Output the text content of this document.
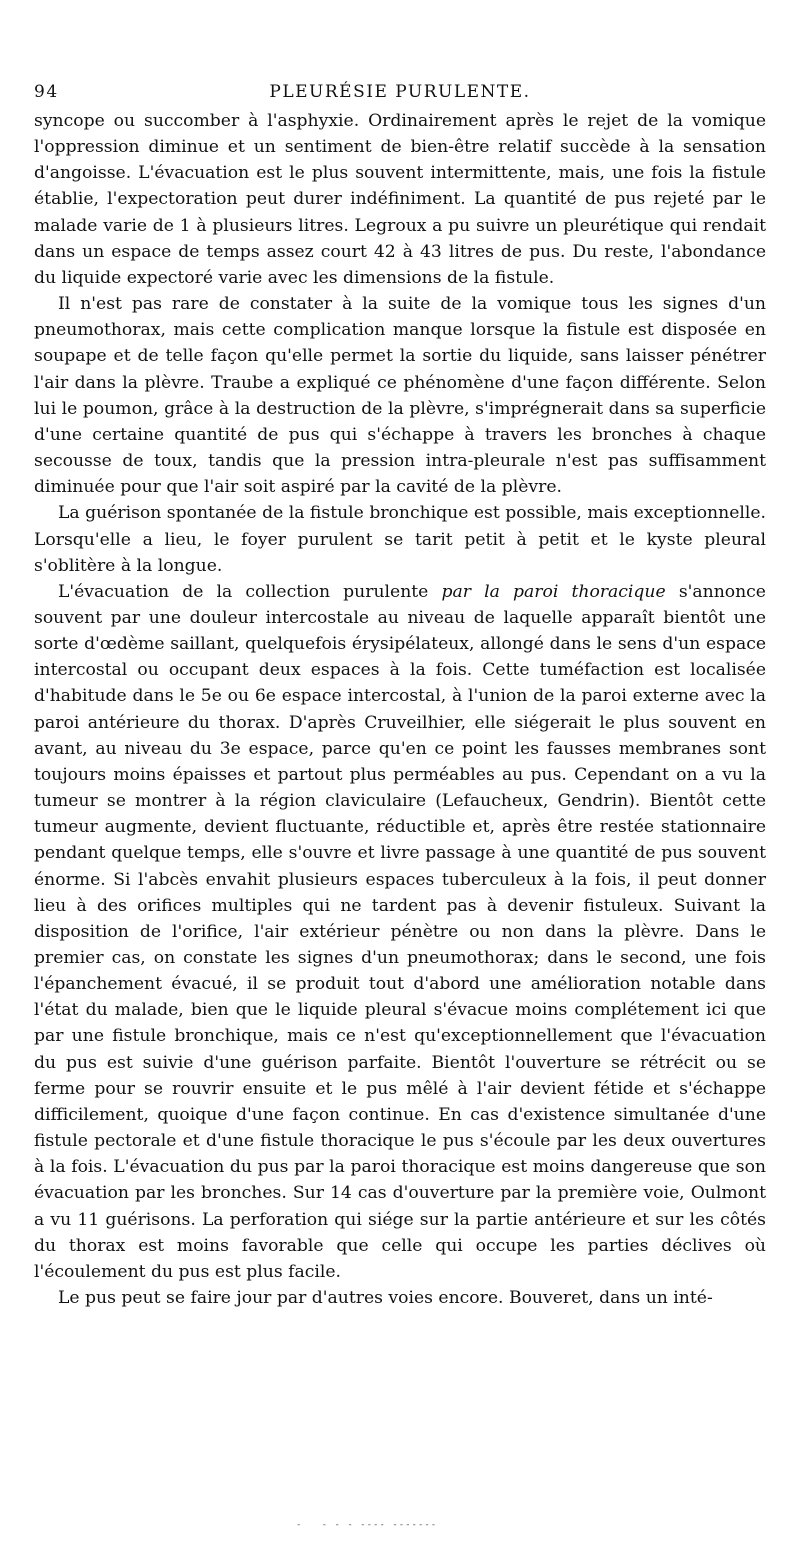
94	PLEURÉSIE PURULENTE.

syncope ou succomber à l'asphyxie. Ordinairement après le rejet de la vomique l'oppression diminue et un sentiment de bien-être relatif succède à la sensation d'angoisse. L'évacuation est le plus souvent intermittente, mais, une fois la fistule établie, l'expectoration peut durer indéfiniment. La quantité de pus rejeté par le malade varie de 1 à plusieurs litres. Legroux a pu suivre un pleurétique qui rendait dans un espace de temps assez court 42 à 43 litres de pus. Du reste, l'abondance du liquide expectoré varie avec les dimensions de la fistule.

Il n'est pas rare de constater à la suite de la vomique tous les signes d'un pneumothorax, mais cette complication manque lorsque la fistule est disposée en soupape et de telle façon qu'elle permet la sortie du liquide, sans laisser pénétrer l'air dans la plèvre. Traube a expliqué ce phénomène d'une façon différente. Selon lui le poumon, grâce à la destruction de la plèvre, s'imprégnerait dans sa superficie d'une certaine quantité de pus qui s'échappe à travers les bronches à chaque secousse de toux, tandis que la pression intra-pleurale n'est pas suffisamment diminuée pour que l'air soit aspiré par la cavité de la plèvre.

La guérison spontanée de la fistule bronchique est possible, mais exceptionnelle. Lorsqu'elle a lieu, le foyer purulent se tarit petit à petit et le kyste pleural s'oblitère à la longue.

L'évacuation de la collection purulente par la paroi thoracique s'annonce souvent par une douleur intercostale au niveau de laquelle apparaît bientôt une sorte d'œdème saillant, quelquefois érysipélateux, allongé dans le sens d'un espace intercostal ou occupant deux espaces à la fois. Cette tuméfaction est localisée d'habitude dans le 5e ou 6e espace intercostal, à l'union de la paroi externe avec la paroi antérieure du thorax. D'après Cruveilhier, elle siégerait le plus souvent en avant, au niveau du 3e espace, parce qu'en ce point les fausses membranes sont toujours moins épaisses et partout plus perméables au pus. Cependant on a vu la tumeur se montrer à la région claviculaire (Lefaucheux, Gendrin). Bientôt cette tumeur augmente, devient fluctuante, réductible et, après être restée stationnaire pendant quelque temps, elle s'ouvre et livre passage à une quantité de pus souvent énorme. Si l'abcès envahit plusieurs espaces tuberculeux à la fois, il peut donner lieu à des orifices multiples qui ne tardent pas à devenir fistuleux. Suivant la disposition de l'orifice, l'air extérieur pénètre ou non dans la plèvre. Dans le premier cas, on constate les signes d'un pneumothorax; dans le second, une fois l'épanchement évacué, il se produit tout d'abord une amélioration notable dans l'état du malade, bien que le liquide pleural s'évacue moins complétement ici que par une fistule bronchique, mais ce n'est qu'exceptionnellement que l'évacuation du pus est suivie d'une guérison parfaite. Bientôt l'ouverture se rétrécit ou se ferme pour se rouvrir ensuite et le pus mêlé à l'air devient fétide et s'échappe difficilement, quoique d'une façon continue. En cas d'existence simultanée d'une fistule pectorale et d'une fistule thoracique le pus s'écoule par les deux ouvertures à la fois. L'évacuation du pus par la paroi thoracique est moins dangereuse que son évacuation par les bronches. Sur 14 cas d'ouverture par la première voie, Oulmont a vu 11 guérisons. La perforation qui siége sur la partie antérieure et sur les côtés du thorax est moins favorable que celle qui occupe les parties déclives où l'écoulement du pus est plus facile.

Le pus peut se faire jour par d'autres voies encore. Bouveret, dans un inté-

-   - - - ---- -------
